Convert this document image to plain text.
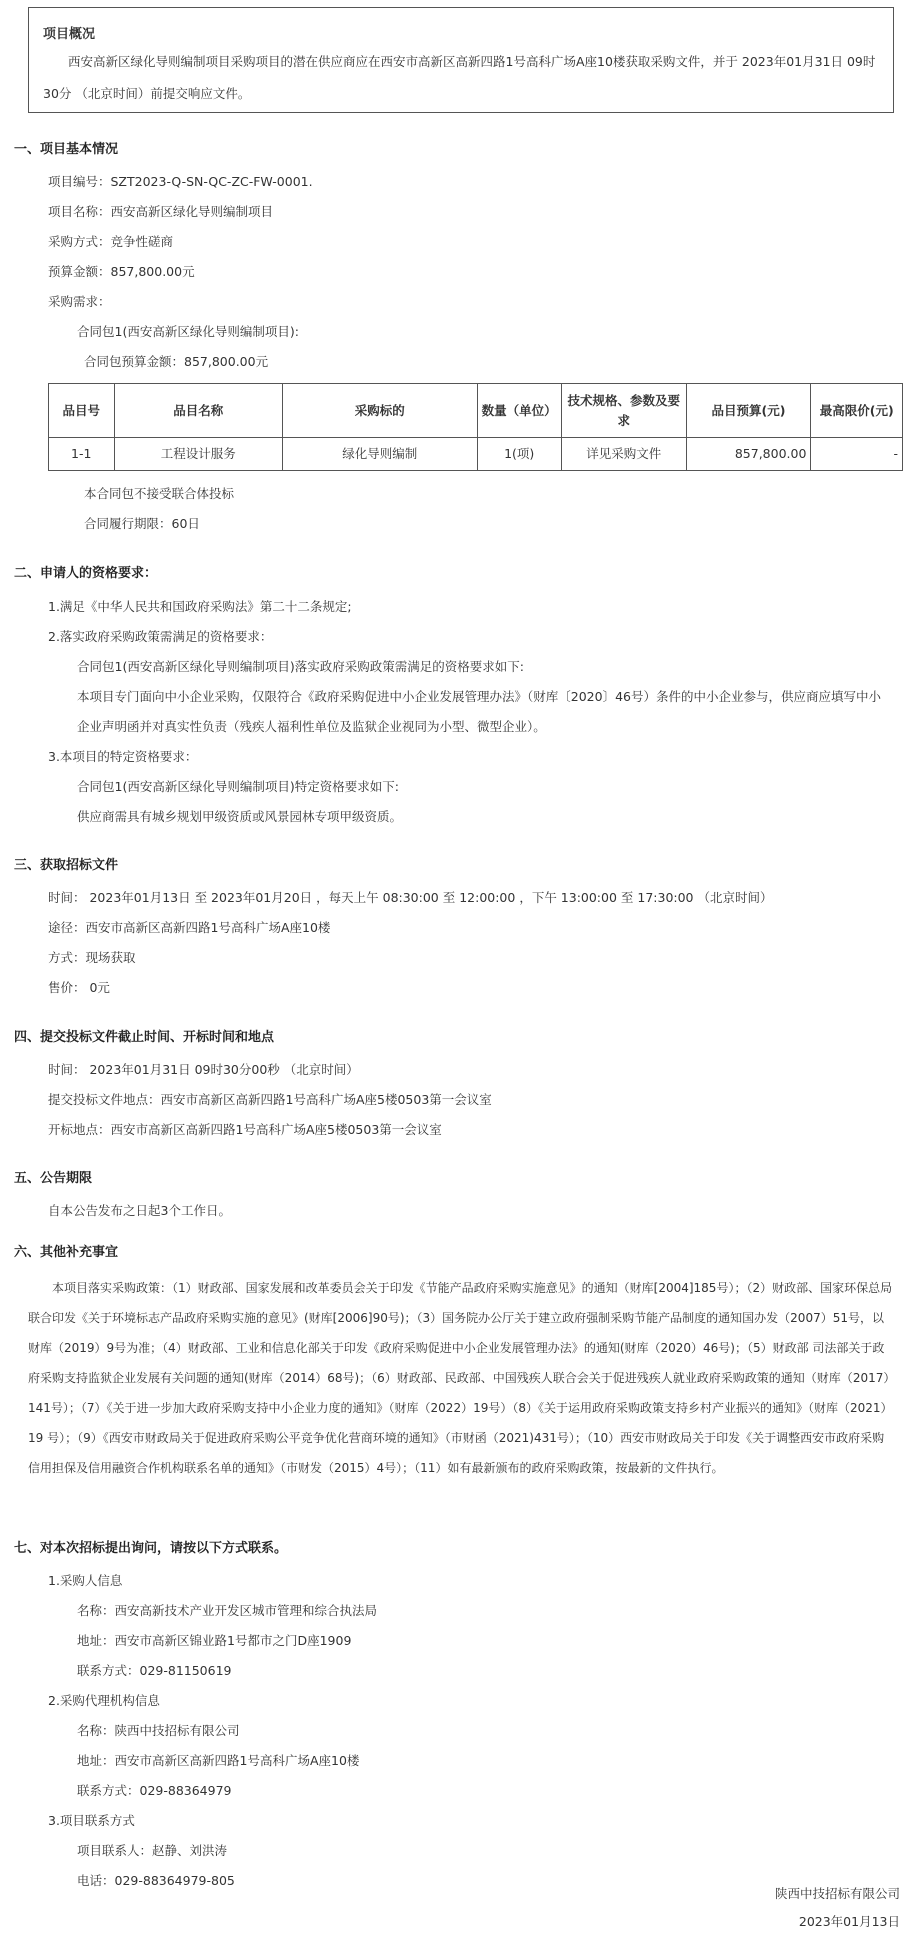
项目概况
西安高新区绿化导则编制项目采购项目的潜在供应商应在西安市高新区高新四路1号高科广场A座10楼获取采购文件，并于 2023年01月31日 09时30分 （北京时间）前提交响应文件。
一、项目基本情况
项目编号：SZT2023-Q-SN-QC-ZC-FW-0001.
项目名称：西安高新区绿化导则编制项目
采购方式：竞争性磋商
预算金额：857,800.00元
采购需求：
合同包1(西安高新区绿化导则编制项目):
合同包预算金额：857,800.00元
品目号	品目名称	采购标的	数量（单位）	技术规格、参数及要求	品目预算(元)	最高限价(元)
1-1	工程设计服务	绿化导则编制	1(项)	详见采购文件	857,800.00	-
本合同包不接受联合体投标
合同履行期限：60日
二、申请人的资格要求：
1.满足《中华人民共和国政府采购法》第二十二条规定;
2.落实政府采购政策需满足的资格要求：
合同包1(西安高新区绿化导则编制项目)落实政府采购政策需满足的资格要求如下:
本项目专门面向中小企业采购，仅限符合《政府采购促进中小企业发展管理办法》（财库〔2020〕46号）条件的中小企业参与，供应商应填写中小
企业声明函并对真实性负责（残疾人福利性单位及监狱企业视同为小型、微型企业）。
3.本项目的特定资格要求：
合同包1(西安高新区绿化导则编制项目)特定资格要求如下:
供应商需具有城乡规划甲级资质或风景园林专项甲级资质。
三、获取招标文件
时间： 2023年01月13日 至 2023年01月20日 ，每天上午 08:30:00 至 12:00:00 ，下午 13:00:00 至 17:30:00 （北京时间）
途径：西安市高新区高新四路1号高科广场A座10楼
方式：现场获取
售价： 0元
四、提交投标文件截止时间、开标时间和地点
时间： 2023年01月31日 09时30分00秒 （北京时间）
提交投标文件地点：西安市高新区高新四路1号高科广场A座5楼0503第一会议室
开标地点：西安市高新区高新四路1号高科广场A座5楼0503第一会议室
五、公告期限
自本公告发布之日起3个工作日。
六、其他补充事宜
本项目落实采购政策：（1）财政部、国家发展和改革委员会关于印发《节能产品政府采购实施意见》的通知（财库[2004]185号）；（2）财政部、国家环保总局联合印发《关于环境标志产品政府采购实施的意见》(财库[2006]90号)；（3）国务院办公厅关于建立政府强制采购节能产品制度的通知国办发（2007）51号，以财库（2019）9号为准；（4）财政部、工业和信息化部关于印发《政府采购促进中小企业发展管理办法》的通知(财库（2020）46号)；（5）财政部 司法部关于政府采购支持监狱企业发展有关问题的通知(财库（2014）68号)；（6）财政部、民政部、中国残疾人联合会关于促进残疾人就业政府采购政策的通知（财库（2017）141号）；（7）《关于进一步加大政府采购支持中小企业力度的通知》（财库（2022）19号）（8）《关于运用政府采购政策支持乡村产业振兴的通知》（财库（2021）19 号）；（9）《西安市财政局关于促进政府采购公平竞争优化营商环境的通知》（市财函（2021)431号）；（10）西安市财政局关于印发《关于调整西安市政府采购信用担保及信用融资合作机构联系名单的通知》（市财发（2015）4号）；（11）如有最新颁布的政府采购政策，按最新的文件执行。
七、对本次招标提出询问，请按以下方式联系。
1.采购人信息
名称：西安高新技术产业开发区城市管理和综合执法局
地址：西安市高新区锦业路1号都市之门D座1909
联系方式：029-81150619
2.采购代理机构信息
名称：陕西中技招标有限公司
地址：西安市高新区高新四路1号高科广场A座10楼
联系方式：029-88364979
3.项目联系方式
项目联系人：赵静、刘洪涛
电话：029-88364979-805
陕西中技招标有限公司
2023年01月13日
